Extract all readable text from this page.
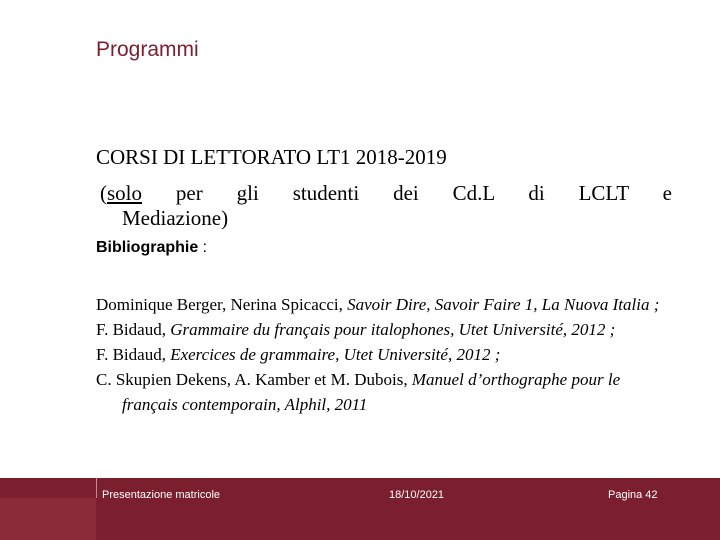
Programmi
CORSI DI LETTORATO LT1 2018-2019
(solo per gli studenti dei Cd.L di LCLT e
Mediazione)
Bibliographie :
Dominique Berger, Nerina Spicacci, Savoir Dire, Savoir Faire 1, La Nuova Italia ;
F. Bidaud, Grammaire du français pour italophones, Utet Université, 2012 ;
F. Bidaud, Exercices de grammaire, Utet Université, 2012 ;
C. Skupien Dekens, A. Kamber et M. Dubois, Manuel d’orthographe pour le français contemporain, Alphil, 2011
Presentazione matricole	18/10/2021	Pagina 42
